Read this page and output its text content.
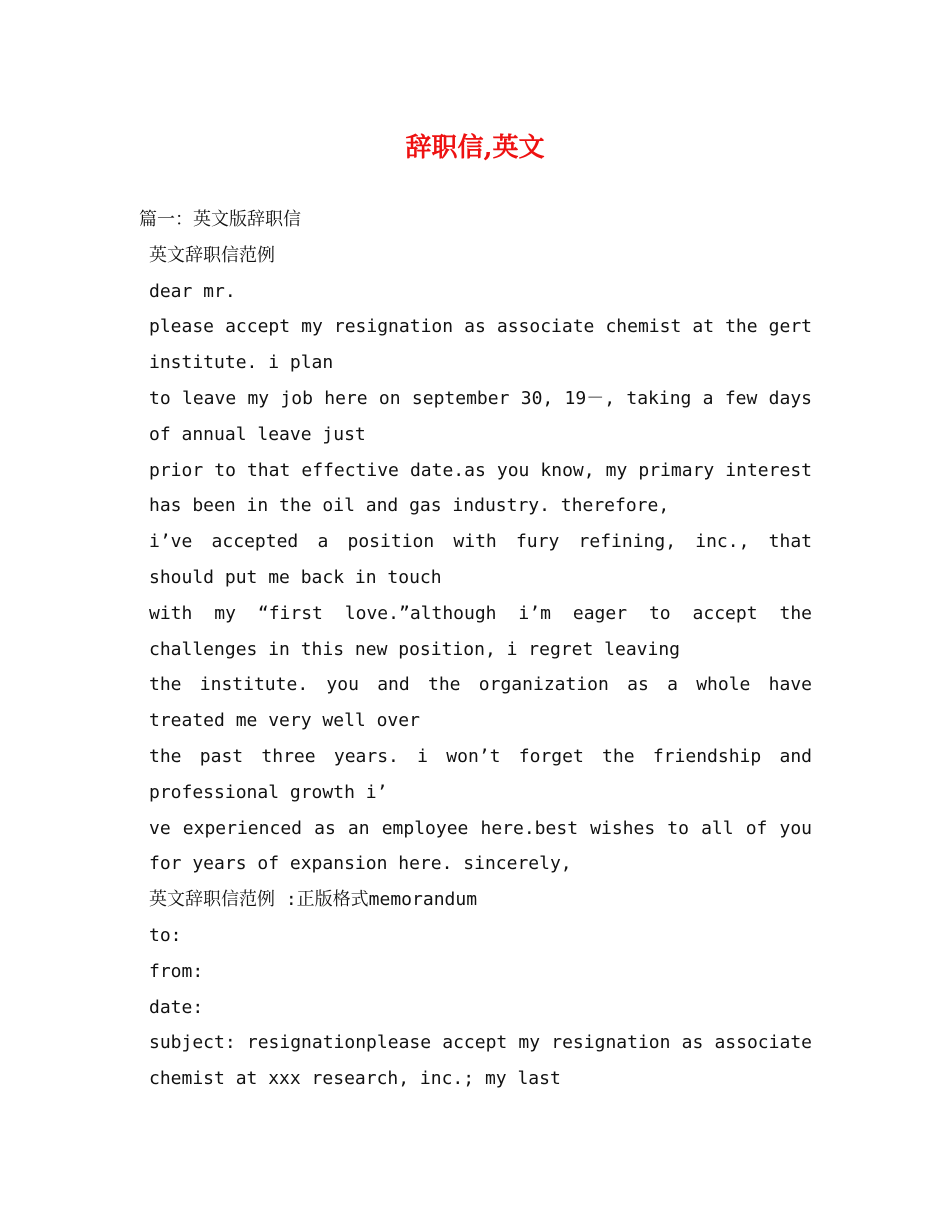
辞职信,英文

篇一：英文版辞职信

英文辞职信范例

dear mr.

please accept my resignation as associate chemist at the gert institute. i plan

to leave my job here on september 30, 19－, taking a few days of annual leave just

prior to that effective date.as you know, my primary interest has been in the oil and gas industry. therefore,

i’ve accepted a position with fury refining, inc., that should put me back in touch

with my “first love.”although i’m eager to accept the challenges in this new position, i regret leaving

the institute. you and the organization as a whole have treated me very well over

the past three years. i won’t forget the friendship and professional growth i’

ve experienced as an employee here.best wishes to all of you for years of expansion here. sincerely,

英文辞职信范例 :正版格式memorandum

to:

from:

date:

subject: resignationplease accept my resignation as associate chemist at xxx research, inc.; my last
